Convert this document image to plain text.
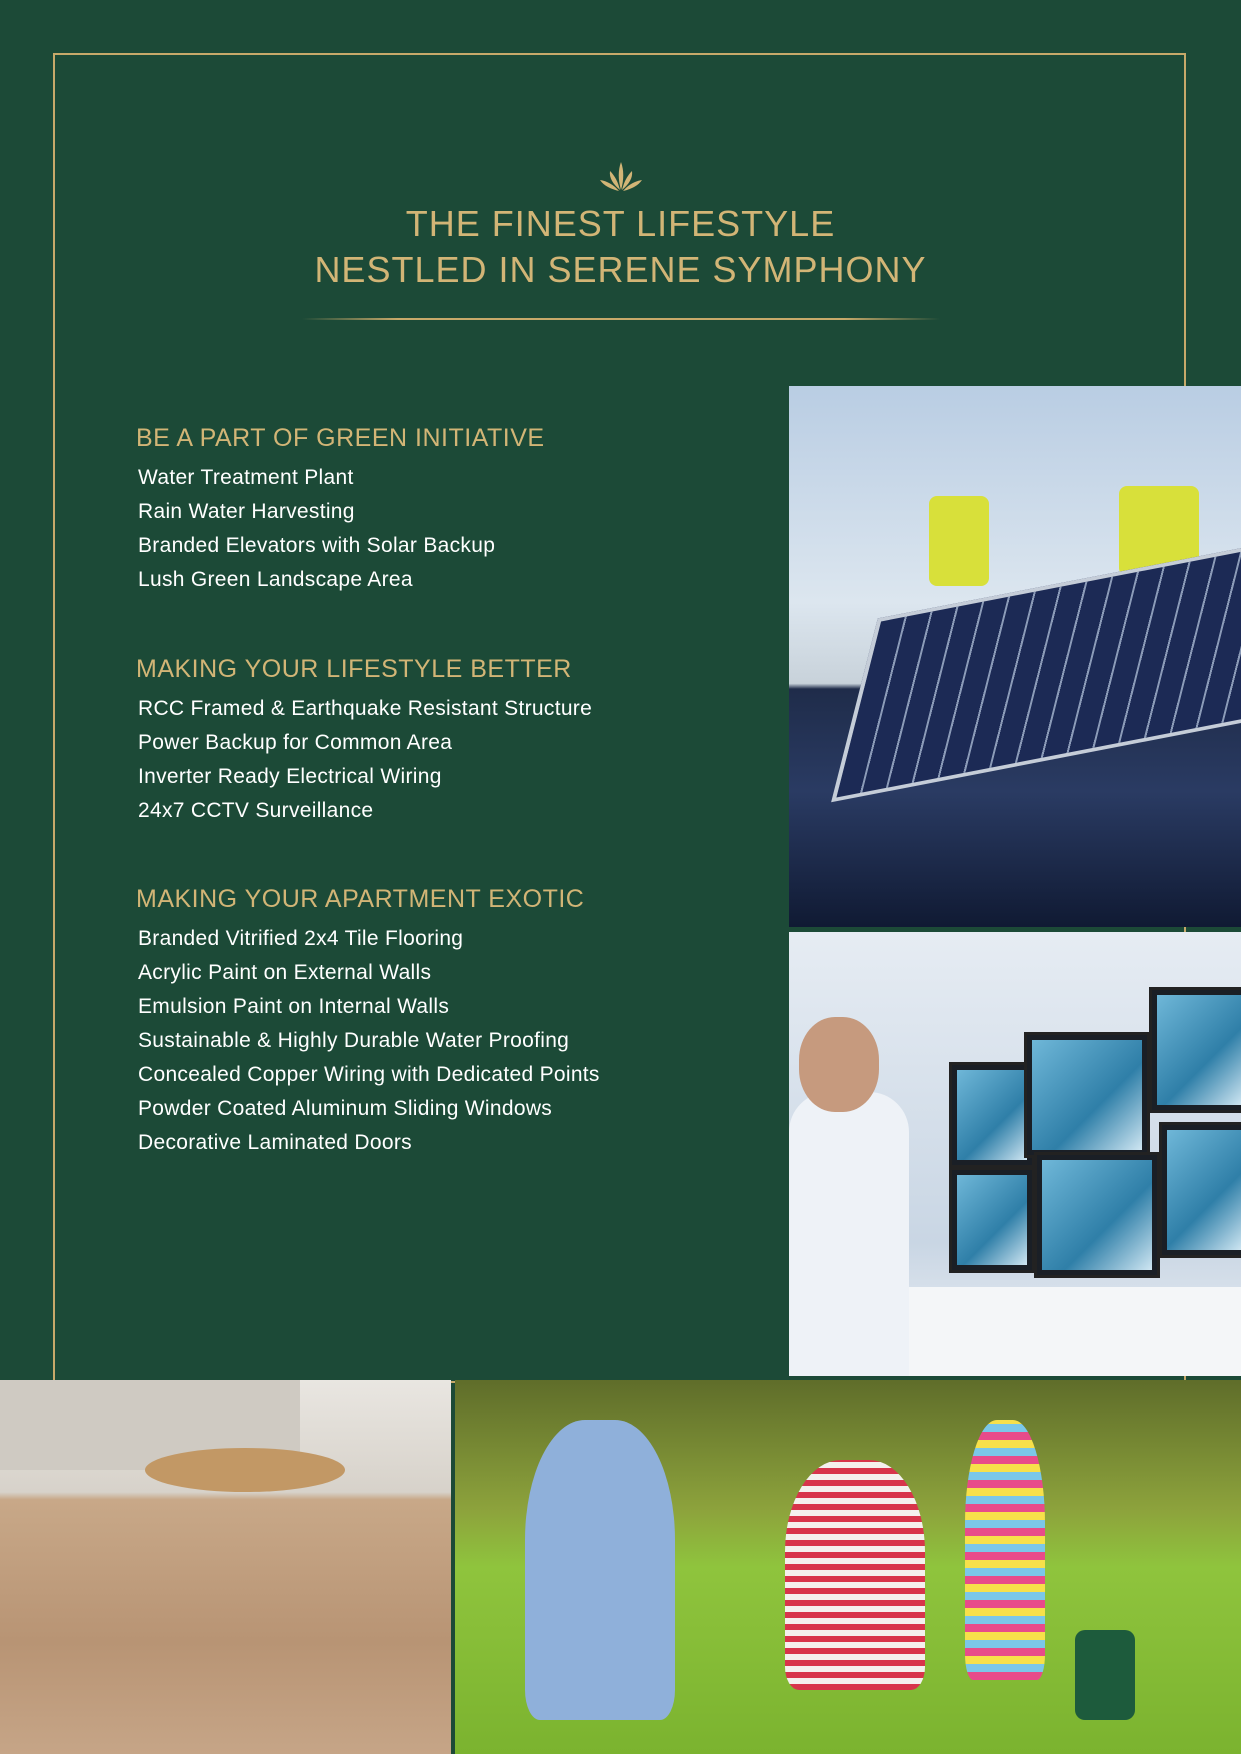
THE FINEST LIFESTYLE
NESTLED IN SERENE SYMPHONY
BE A PART OF GREEN INITIATIVE
Water Treatment Plant
Rain Water Harvesting
Branded Elevators with Solar Backup
Lush Green Landscape Area
MAKING YOUR LIFESTYLE BETTER
RCC Framed & Earthquake Resistant Structure
Power Backup for Common Area
Inverter Ready Electrical Wiring
24x7 CCTV Surveillance
MAKING YOUR APARTMENT EXOTIC
Branded Vitrified 2x4 Tile Flooring
Acrylic Paint on External Walls
Emulsion Paint on Internal Walls
Sustainable & Highly Durable Water Proofing
Concealed Copper Wiring with Dedicated Points
Powder Coated Aluminum Sliding Windows
Decorative Laminated Doors
